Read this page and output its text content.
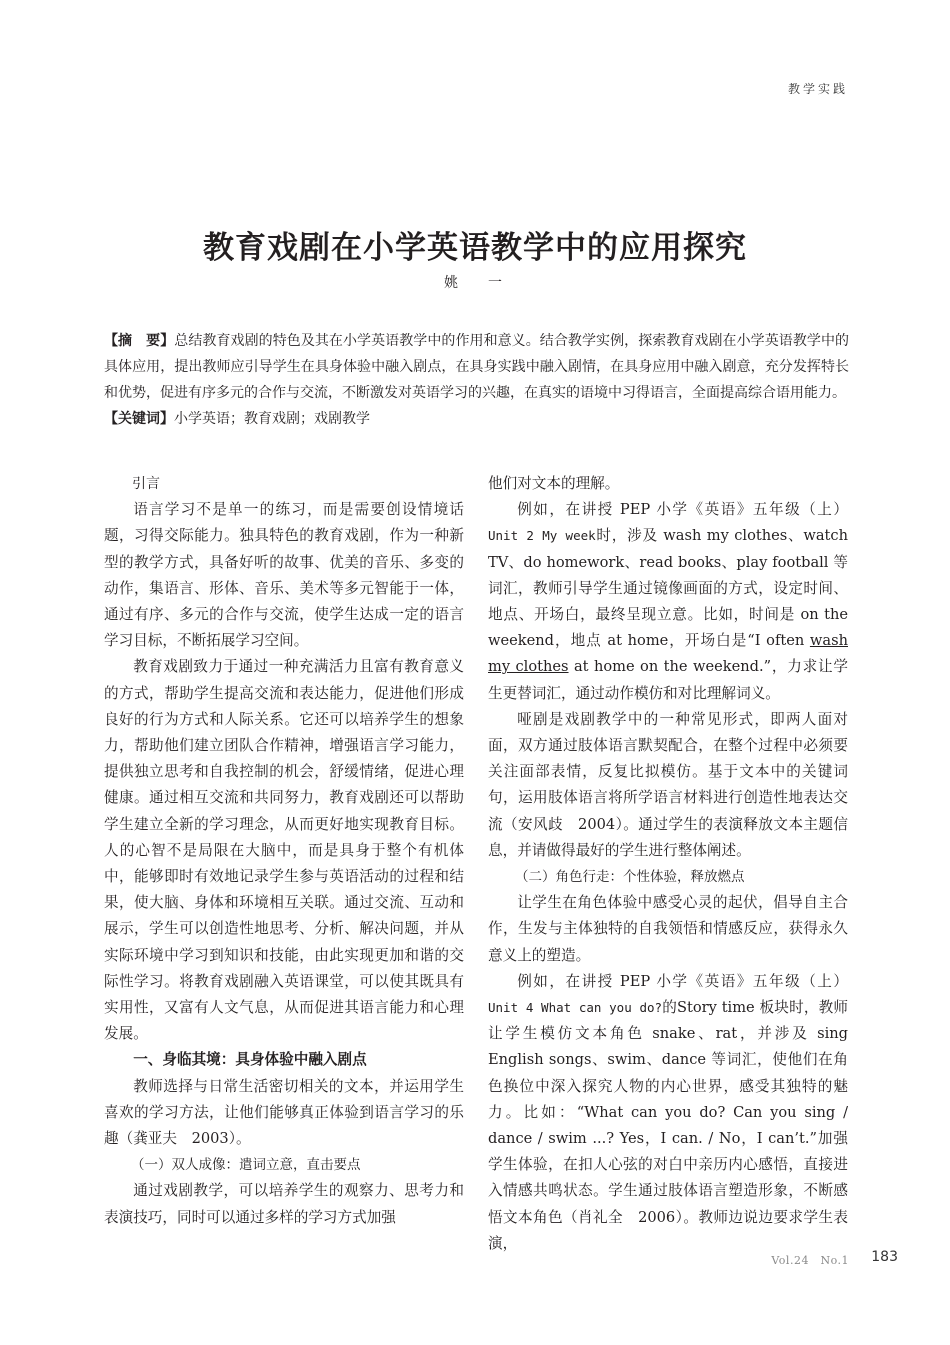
教学实践
教育戏剧在小学英语教学中的应用探究
姚一

【摘　要】总结教育戏剧的特色及其在小学英语教学中的作用和意义。结合教学实例，探索教育戏剧在小学英语教学中的具体应用，提出教师应引导学生在具身体验中融入剧点，在具身实践中融入剧情，在具身应用中融入剧意，充分发挥特长和优势，促进有序多元的合作与交流，不断激发对英语学习的兴趣，在真实的语境中习得语言，全面提高综合语用能力。

【关键词】小学英语；教育戏剧；戏剧教学

引言

语言学习不是单一的练习，而是需要创设情境话题，习得交际能力。独具特色的教育戏剧，作为一种新型的教学方式，具备好听的故事、优美的音乐、多变的动作，集语言、形体、音乐、美术等多元智能于一体，通过有序、多元的合作与交流，使学生达成一定的语言学习目标，不断拓展学习空间。

教育戏剧致力于通过一种充满活力且富有教育意义的方式，帮助学生提高交流和表达能力，促进他们形成良好的行为方式和人际关系。它还可以培养学生的想象力，帮助他们建立团队合作精神，增强语言学习能力，提供独立思考和自我控制的机会，舒缓情绪，促进心理健康。通过相互交流和共同努力，教育戏剧还可以帮助学生建立全新的学习理念，从而更好地实现教育目标。人的心智不是局限在大脑中，而是具身于整个有机体中，能够即时有效地记录学生参与英语活动的过程和结果，使大脑、身体和环境相互关联。通过交流、互动和展示，学生可以创造性地思考、分析、解决问题，并从实际环境中学习到知识和技能，由此实现更加和谐的交际性学习。将教育戏剧融入英语课堂，可以使其既具有实用性，又富有人文气息，从而促进其语言能力和心理发展。

一、身临其境：具身体验中融入剧点

教师选择与日常生活密切相关的文本，并运用学生喜欢的学习方法，让他们能够真正体验到语言学习的乐趣（龚亚夫　2003）。

（一）双人成像：遣词立意，直击要点

通过戏剧教学，可以培养学生的观察力、思考力和表演技巧，同时可以通过多样的学习方式加强

他们对文本的理解。

例如，在讲授 PEP 小学《英语》五年级（上）Unit 2 My week时，涉及 wash my clothes、watch TV、do homework、read books、play football 等词汇，教师引导学生通过镜像画面的方式，设定时间、地点、开场白，最终呈现立意。比如，时间是 on the weekend，地点 at home，开场白是“I often wash my clothes at home on the weekend.”，力求让学生更替词汇，通过动作模仿和对比理解词义。

哑剧是戏剧教学中的一种常见形式，即两人面对面，双方通过肢体语言默契配合，在整个过程中必须要关注面部表情，反复比拟模仿。基于文本中的关键词句，运用肢体语言将所学语言材料进行创造性地表达交流（安风歧　2004）。通过学生的表演释放文本主题信息，并请做得最好的学生进行整体阐述。

（二）角色行走：个性体验，释放燃点

让学生在角色体验中感受心灵的起伏，倡导自主合作，生发与主体独特的自我领悟和情感反应，获得永久意义上的塑造。

例如，在讲授 PEP 小学《英语》五年级（上）Unit 4 What can you do?的Story time 板块时，教师让学生模仿文本角色 snake、rat，并涉及 sing English songs、swim、dance 等词汇，使他们在角色换位中深入探究人物的内心世界，感受其独特的魅力。比如：“What can you do? Can you sing / dance / swim ...? Yes，I can. / No，I can’t.”加强学生体验，在扣人心弦的对白中亲历内心感悟，直接进入情感共鸣状态。学生通过肢体语言塑造形象，不断感悟文本角色（肖礼全　2006）。教师边说边要求学生表演，

Vol.24　No.1 183
